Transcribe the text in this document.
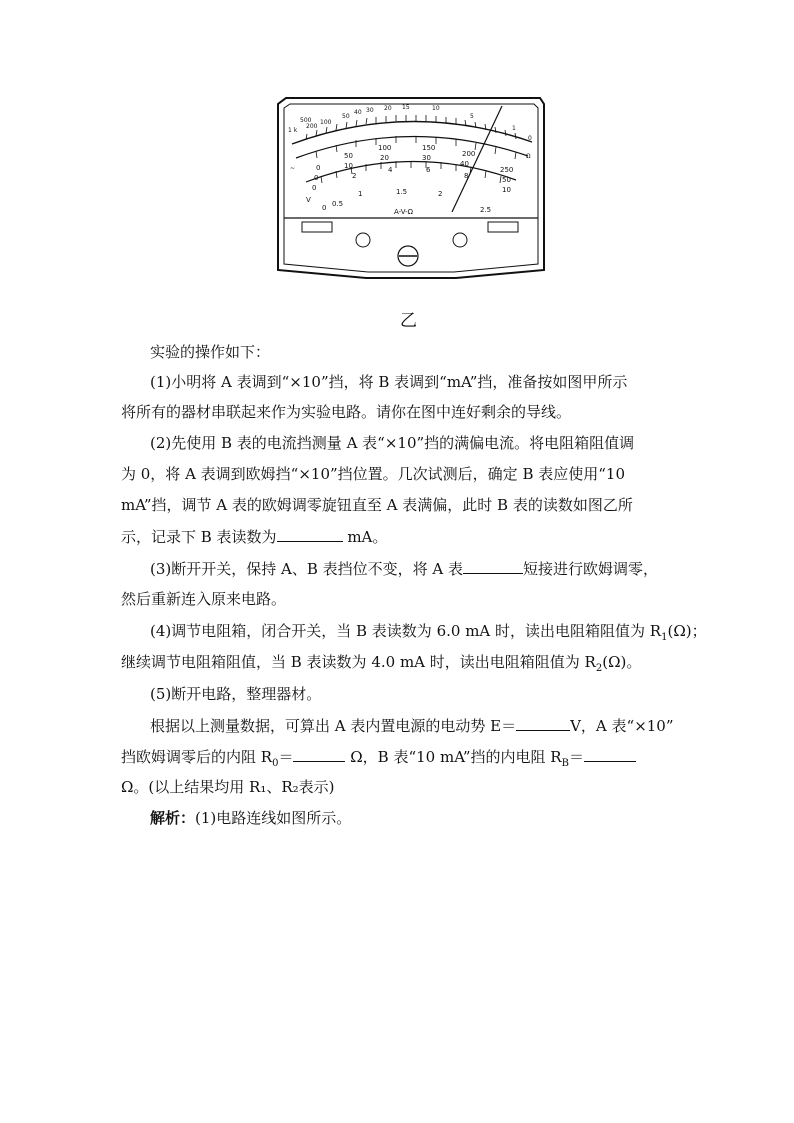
1 k
500
200
100
50
40 30 20 15	10
5
1
0
Ω
~	0
50
100	150
200
250
0
10
20	30
40
50
0
2
4	6
8
10
0 0.5
1	1.5	2
2.5
V
A-V-Ω
乙
实验的操作如下：
(1)小明将 A 表调到“×10”挡，将 B 表调到“mA”挡，准备按如图甲所示
将所有的器材串联起来作为实验电路。请你在图中连好剩余的导线。
(2)先使用 B 表的电流挡测量 A 表“×10”挡的满偏电流。将电阻箱阻值调
为 0，将 A 表调到欧姆挡“×10”挡位置。几次试测后，确定 B 表应使用“10
mA”挡，调节 A 表的欧姆调零旋钮直至 A 表满偏，此时 B 表的读数如图乙所
示，记录下 B 表读数为	mA。
(3)断开开关，保持 A、B 表挡位不变，将 A 表	短接进行欧姆调零，
然后重新连入原来电路。
(4)调节电阻箱，闭合开关，当 B 表读数为 6.0 mA 时，读出电阻箱阻值为 $R_1(\Omega)$；
继续调节电阻箱阻值，当 B 表读数为 4.0 mA 时，读出电阻箱阻值为 $R_2(\Omega)$。
(5)断开电路，整理器材。
根据以上测量数据，可算出 A 表内置电源的电动势 E＝	V，A 表“×10”
挡欧姆调零后的内阻 $R_0=$	Ω，B 表“10 mA”挡的内电阻 $R_B=$
Ω。(以上结果均用 R₁、R₂表示)
解析：(1)电路连线如图所示。
